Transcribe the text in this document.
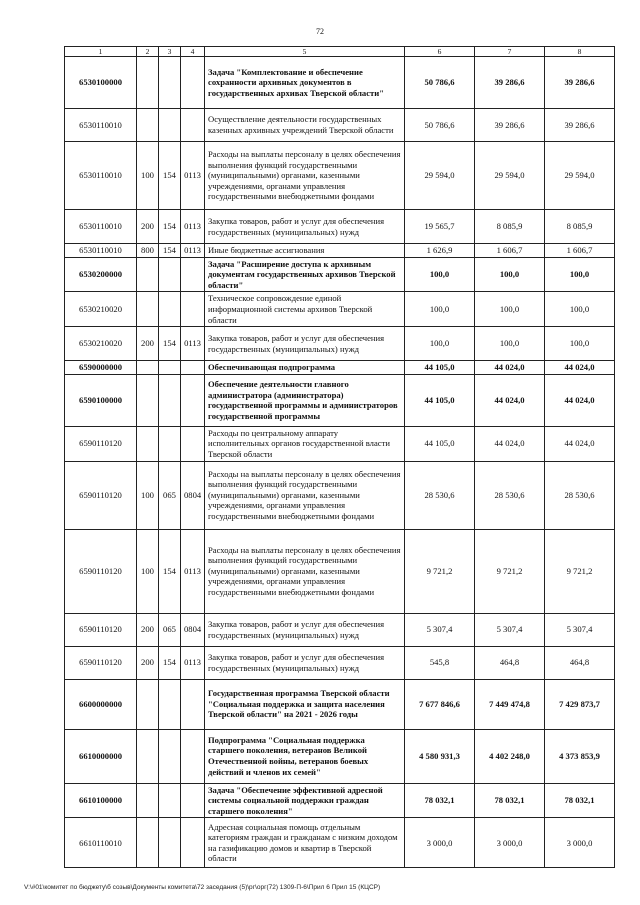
72
1	2	3	4	5	6	7	8
6530100000				Задача "Комплектование и обеспечение сохранности архивных документов в государственных архивах Тверской области"	50 786,6	39 286,6	39 286,6
6530110010				Осуществление деятельности государственных казенных архивных учреждений Тверской области	50 786,6	39 286,6	39 286,6
6530110010	100	154	0113	Расходы на выплаты персоналу в целях обеспечения выполнения функций государственными (муниципальными) органами, казенными учреждениями, органами управления государственными внебюджетными фондами	29 594,0	29 594,0	29 594,0
6530110010	200	154	0113	Закупка товаров, работ и услуг для обеспечения государственных (муниципальных) нужд	19 565,7	8 085,9	8 085,9
6530110010	800	154	0113	Иные бюджетные ассигнования	1 626,9	1 606,7	1 606,7
6530200000				Задача "Расширение доступа к архивным документам государственных архивов Тверской области"	100,0	100,0	100,0
6530210020				Техническое сопровождение единой информационной системы архивов Тверской области	100,0	100,0	100,0
6530210020	200	154	0113	Закупка товаров, работ и услуг для обеспечения государственных (муниципальных) нужд	100,0	100,0	100,0
6590000000				Обеспечивающая подпрограмма	44 105,0	44 024,0	44 024,0
6590100000				Обеспечение деятельности главного администратора (администратора) государственной программы и администраторов государственной программы	44 105,0	44 024,0	44 024,0
6590110120				Расходы по центральному аппарату исполнительных органов государственной власти Тверской области	44 105,0	44 024,0	44 024,0
6590110120	100	065	0804	Расходы на выплаты персоналу в целях обеспечения выполнения функций государственными (муниципальными) органами, казенными учреждениями, органами управления государственными внебюджетными фондами	28 530,6	28 530,6	28 530,6
6590110120	100	154	0113	Расходы на выплаты персоналу в целях обеспечения выполнения функций государственными (муниципальными) органами, казенными учреждениями, органами управления государственными внебюджетными фондами	9 721,2	9 721,2	9 721,2
6590110120	200	065	0804	Закупка товаров, работ и услуг для обеспечения государственных (муниципальных) нужд	5 307,4	5 307,4	5 307,4
6590110120	200	154	0113	Закупка товаров, работ и услуг для обеспечения государственных (муниципальных) нужд	545,8	464,8	464,8
6600000000				Государственная программа Тверской области "Социальная поддержка и защита населения Тверской области" на 2021 - 2026 годы	7 677 846,6	7 449 474,8	7 429 873,7
6610000000				Подпрограмма "Социальная поддержка старшего поколения, ветеранов Великой Отечественной войны, ветеранов боевых действий и членов их семей"	4 580 931,3	4 402 248,0	4 373 853,9
6610100000				Задача "Обеспечение эффективной адресной системы социальной поддержки граждан старшего поколения"	78 032,1	78 032,1	78 032,1
6610110010				Адресная социальная помощь отдельным категориям граждан и гражданам с низким доходом на газификацию домов и квартир в Тверской области	3 000,0	3 000,0	3 000,0
V:\#01\комитет по бюджету\б созыв\Документы комитета\72 заседания (5)\рг\орг(72) 1309-П-6\Прил 6 Прил 15 (КЦСР)
